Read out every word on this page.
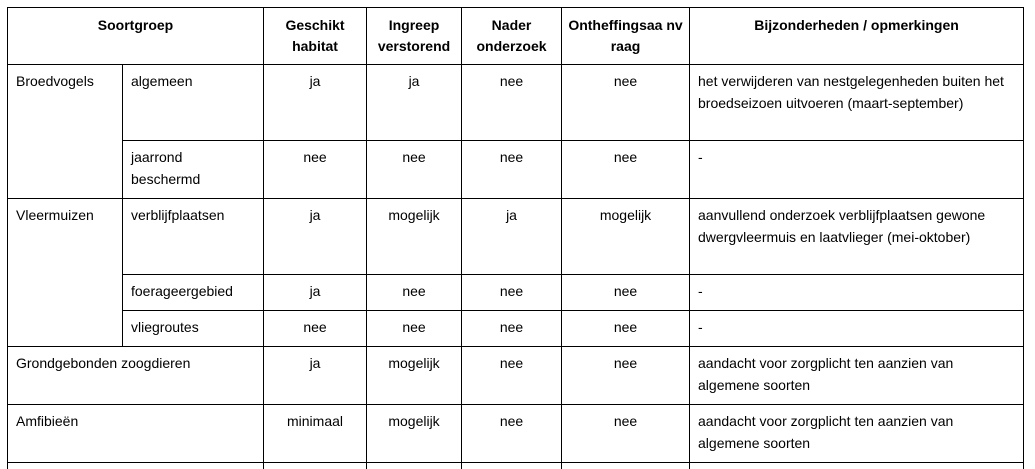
Soortgroep		Geschikt habitat	Ingreep verstorend	Nader onderzoek	Ontheffingsaa nvraag	Bijzonderheden / opmerkingen
Broedvogels	algemeen	ja	ja	nee	nee	het verwijderen van nestgelegenheden buiten het broedseizoen uitvoeren (maart-september)
	jaarrond beschermd	nee	nee	nee	nee	-
Vleermuizen	verblijfplaatsen	ja	mogelijk	ja	mogelijk	aanvullend onderzoek verblijfplaatsen gewone dwergvleermuis en laatvlieger (mei-oktober)
	foerageergebied	ja	nee	nee	nee	-
	vliegroutes	nee	nee	nee	nee	-
Grondgebonden zoogdieren		ja	mogelijk	nee	nee	aandacht voor zorgplicht ten aanzien van algemene soorten
Amfibieën		minimaal	mogelijk	nee	nee	aandacht voor zorgplicht ten aanzien van algemene soorten
